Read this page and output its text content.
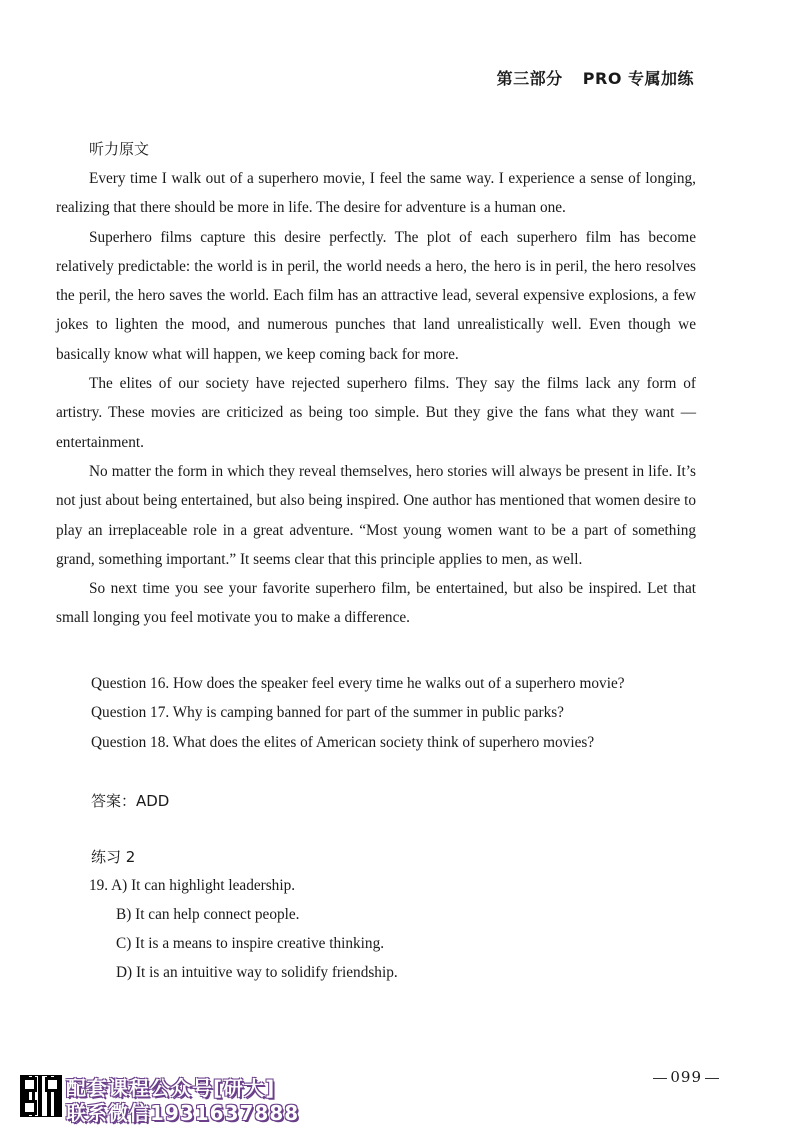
第三部分 PRO 专属加练
听力原文

Every time I walk out of a superhero movie, I feel the same way. I experience a sense of longing, realizing that there should be more in life. The desire for adventure is a human one.

Superhero films capture this desire perfectly. The plot of each superhero film has become relatively predictable: the world is in peril, the world needs a hero, the hero is in peril, the hero resolves the peril, the hero saves the world. Each film has an attractive lead, several expensive explosions, a few jokes to lighten the mood, and numerous punches that land unrealistically well. Even though we basically know what will happen, we keep coming back for more.

The elites of our society have rejected superhero films. They say the films lack any form of artistry. These movies are criticized as being too simple. But they give the fans what they want — entertainment.

No matter the form in which they reveal themselves, hero stories will always be present in life. It’s not just about being entertained, but also being inspired. One author has mentioned that women desire to play an irreplaceable role in a great adventure. “Most young women want to be a part of something grand, something important.” It seems clear that this principle applies to men, as well.

So next time you see your favorite superhero film, be entertained, but also be inspired. Let that small longing you feel motivate you to make a difference.

Question 16. How does the speaker feel every time he walks out of a superhero movie?

Question 17. Why is camping banned for part of the summer in public parks?

Question 18. What does the elites of American society think of superhero movies?

答案：ADD
练习 2
19. A) It can highlight leadership.
B) It can help connect people.
C) It is a means to inspire creative thinking.
D) It is an intuitive way to solidify friendship.
099
配套课程公众号[研大]
联系微信1931637888
